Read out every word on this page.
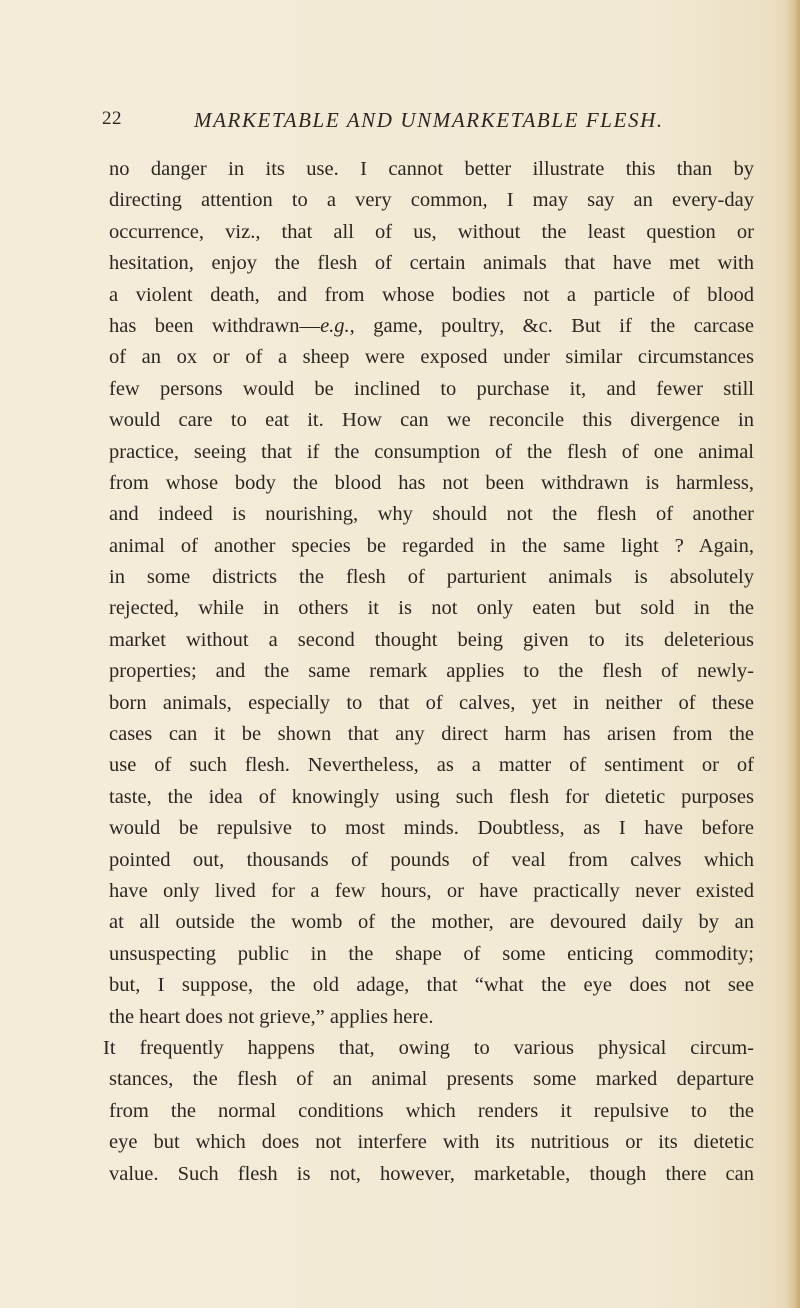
22	MARKETABLE AND UNMARKETABLE FLESH.
no danger in its use. I cannot better illustrate this than by
directing attention to a very common, I may say an every-day
occurrence, viz., that all of us, without the least question or
hesitation, enjoy the flesh of certain animals that have met with
a violent death, and from whose bodies not a particle of blood
has been withdrawn—e.g., game, poultry, &c. But if the carcase
of an ox or of a sheep were exposed under similar circumstances
few persons would be inclined to purchase it, and fewer still
would care to eat it. How can we reconcile this divergence in
practice, seeing that if the consumption of the flesh of one animal
from whose body the blood has not been withdrawn is harmless,
and indeed is nourishing, why should not the flesh of another
animal of another species be regarded in the same light ? Again,
in some districts the flesh of parturient animals is absolutely
rejected, while in others it is not only eaten but sold in the
market without a second thought being given to its deleterious
properties; and the same remark applies to the flesh of newly-
born animals, especially to that of calves, yet in neither of these
cases can it be shown that any direct harm has arisen from the
use of such flesh. Nevertheless, as a matter of sentiment or of
taste, the idea of knowingly using such flesh for dietetic purposes
would be repulsive to most minds. Doubtless, as I have before
pointed out, thousands of pounds of veal from calves which
have only lived for a few hours, or have practically never existed
at all outside the womb of the mother, are devoured daily by an
unsuspecting public in the shape of some enticing commodity;
but, I suppose, the old adage, that “what the eye does not see
the heart does not grieve,” applies here.
It frequently happens that, owing to various physical circum-
stances, the flesh of an animal presents some marked departure
from the normal conditions which renders it repulsive to the
eye but which does not interfere with its nutritious or its dietetic
value. Such flesh is not, however, marketable, though there can
